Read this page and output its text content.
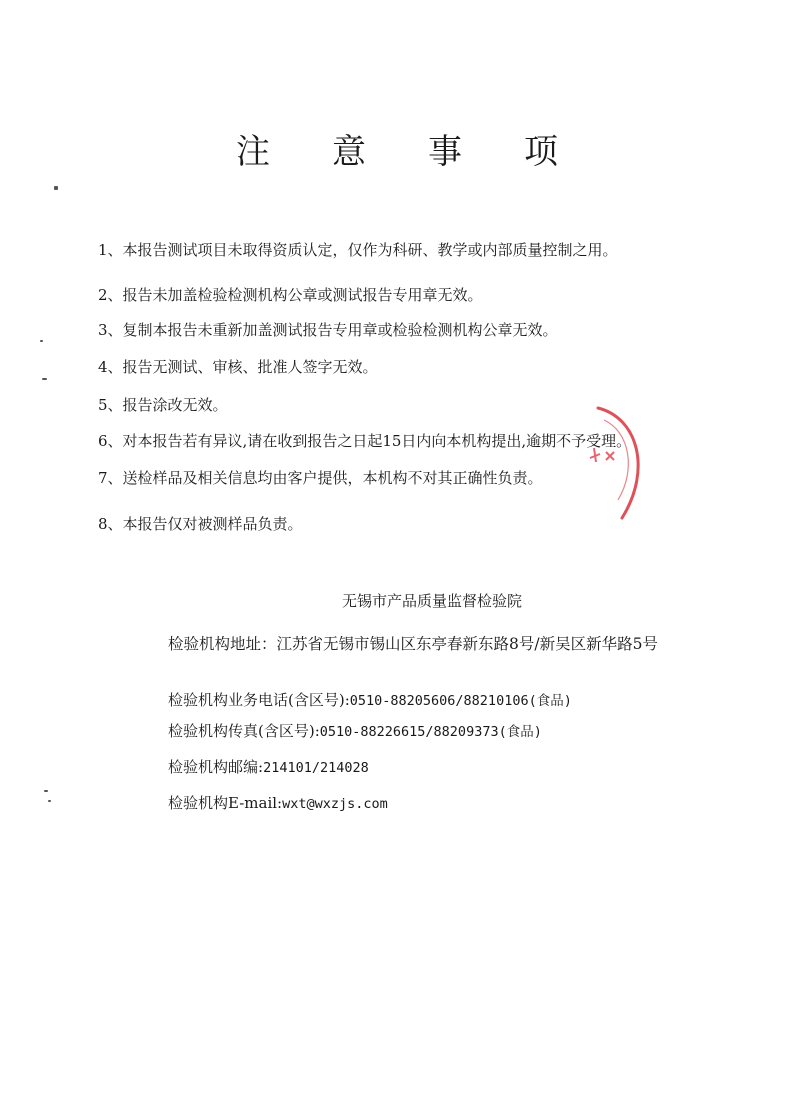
注 意 事 项
1、本报告测试项目未取得资质认定，仅作为科研、教学或内部质量控制之用。
2、报告未加盖检验检测机构公章或测试报告专用章无效。
3、复制本报告未重新加盖测试报告专用章或检验检测机构公章无效。
4、报告无测试、审核、批准人签字无效。
5、报告涂改无效。
6、对本报告若有异议,请在收到报告之日起15日内向本机构提出,逾期不予受理。
7、送检样品及相关信息均由客户提供，本机构不对其正确性负责。
8、本报告仅对被测样品负责。
无锡市产品质量监督检验院
检验机构地址：江苏省无锡市锡山区东亭春新东路8号/新吴区新华路5号
检验机构业务电话(含区号):0510-88205606/88210106(食品)
检验机构传真(含区号):0510-88226615/88209373(食品)
检验机构邮编:214101/214028
检验机构E-mail:wxt@wxzjs.com
